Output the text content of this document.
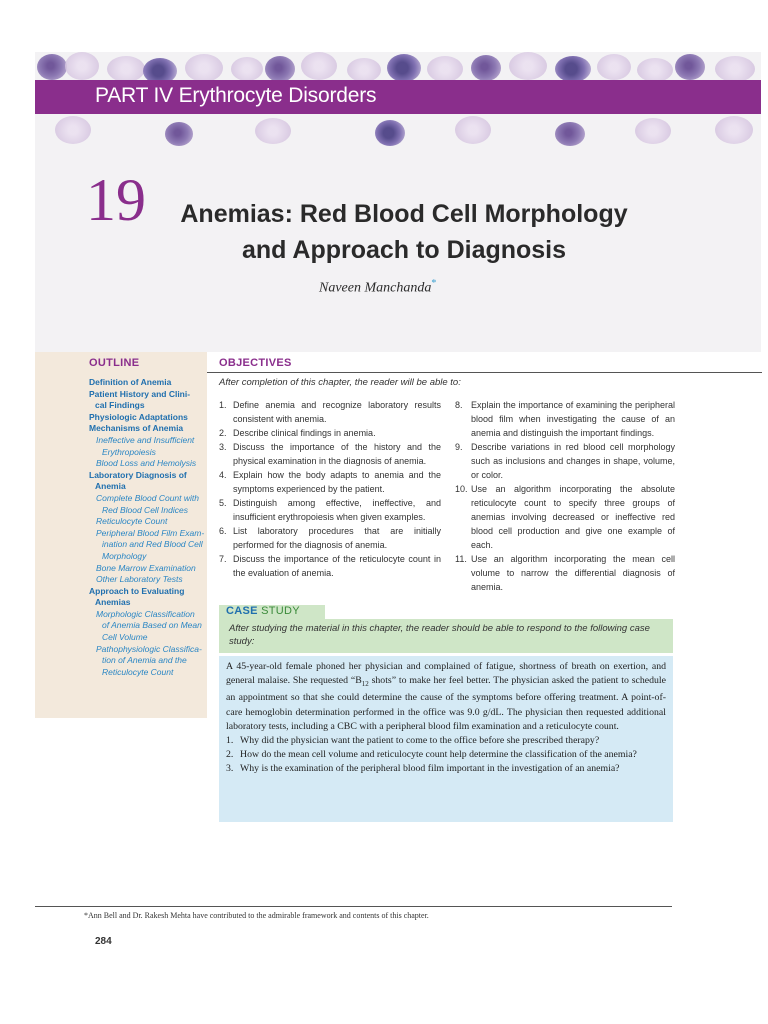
PART IV Erythrocyte Disorders
19 Anemias: Red Blood Cell Morphology
and Approach to Diagnosis
Naveen Manchanda*
OUTLINE
Definition of Anemia
Patient History and Clini-
cal Findings
Physiologic Adaptations
Mechanisms of Anemia
Ineffective and Insufficient
Erythropoiesis
Blood Loss and Hemolysis
Laboratory Diagnosis of
Anemia
Complete Blood Count with
Red Blood Cell Indices
Reticulocyte Count
Peripheral Blood Film Exam-
ination and Red Blood Cell
Morphology
Bone Marrow Examination
Other Laboratory Tests
Approach to Evaluating
Anemias
Morphologic Classification
of Anemia Based on Mean
Cell Volume
Pathophysiologic Classifica-
tion of Anemia and the
Reticulocyte Count
OBJECTIVES
After completion of this chapter, the reader will be able to:
1. Define anemia and recognize laboratory results consistent with anemia.
2. Describe clinical findings in anemia.
3. Discuss the importance of the history and the physical examination in the diagnosis of anemia.
4. Explain how the body adapts to anemia and the symptoms experienced by the patient.
5. Distinguish among effective, ineffective, and insufficient erythropoiesis when given examples.
6. List laboratory procedures that are initially performed for the diagnosis of anemia.
7. Discuss the importance of the reticulocyte count in the evaluation of anemia.
8. Explain the importance of examining the peripheral blood film when investigating the cause of an anemia and distinguish the important findings.
9. Describe variations in red blood cell morphology such as inclusions and changes in shape, volume, or color.
10. Use an algorithm incorporating the absolute reticulocyte count to specify three groups of anemias involving decreased or ineffective red blood cell production and give one example of each.
11. Use an algorithm incorporating the mean cell volume to narrow the differential diagnosis of anemia.
CASE STUDY
After studying the material in this chapter, the reader should be able to respond to the following case study:
A 45-year-old female phoned her physician and complained of fatigue, shortness of breath on exertion, and general malaise. She requested “$B_{12}$ shots” to make her feel better. The physician asked the patient to schedule an appointment so that she could determine the cause of the symptoms before offering treatment. A point-of-care hemoglobin determination performed in the office was 9.0 g/dL. The physician then requested additional laboratory tests, including a CBC with a peripheral blood film examination and a reticulocyte count.
1. Why did the physician want the patient to come to the office before she prescribed therapy?
2. How do the mean cell volume and reticulocyte count help determine the classification of the anemia?
3. Why is the examination of the peripheral blood film important in the investigation of an anemia?
*Ann Bell and Dr. Rakesh Mehta have contributed to the admirable framework and contents of this chapter.
284
